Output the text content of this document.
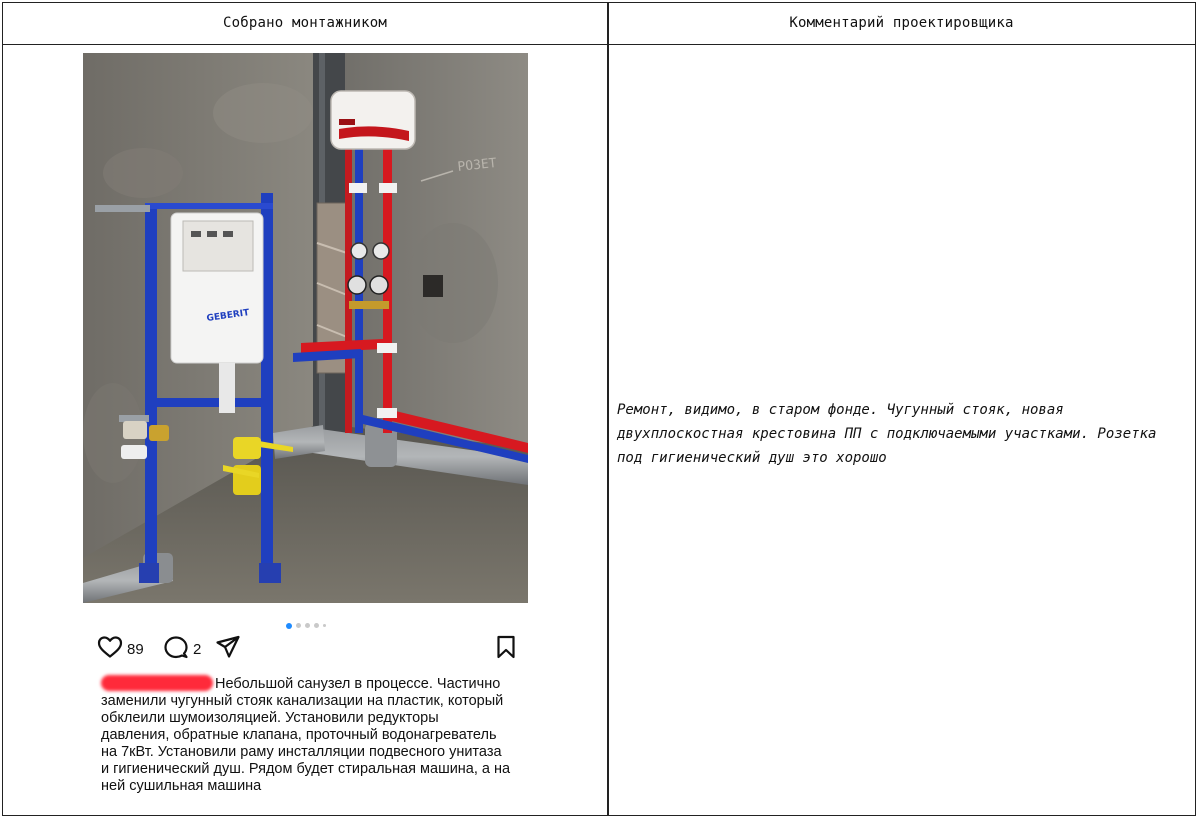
Собрано монтажником	Комментарий проектировщика
РОЗЕТ
GEBERIT
89	2
Небольшой санузел в процессе. Частично заменили чугунный стояк канализации на пластик, который обклеили шумоизоляцией. Установили редукторы давления, обратные клапана, проточный водонагреватель на 7кВт. Установили раму инсталляции подвесного унитаза и гигиенический душ. Рядом будет стиральная машина, а на ней сушильная машина
Ремонт, видимо, в старом фонде. Чугунный стояк, новая двухплоскостная крестовина ПП с подключаемыми участками. Розетка под гигиенический душ это хорошо
